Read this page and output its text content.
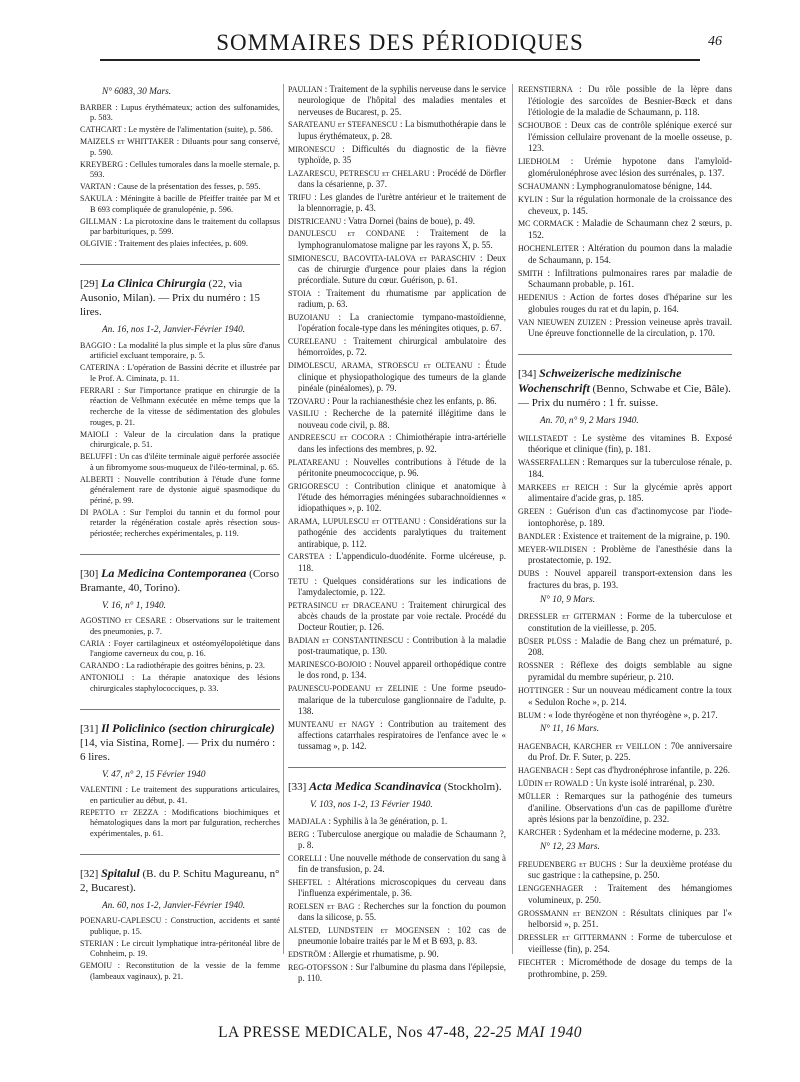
SOMMAIRES DES PÉRIODIQUES	46
N° 6083, 30 Mars.
BARBER : Lupus érythémateux; action des sulfonamides, p. 583.
CATHCART : Le mystère de l'alimentation (suite), p. 586.
MAIZELS et WHITTAKER : Diluants pour sang conservé, p. 590.
KREYBERG : Cellules tumorales dans la moelle sternale, p. 593.
VARTAN : Cause de la présentation des fesses, p. 595.
SAKULA : Méningite à bacille de Pfeiffer traitée par M et B 693 compliquée de granulopénie, p. 596.
GILLMAN : La picrotoxine dans le traitement du collapsus par barbituriques, p. 599.
OLGIVIE : Traitement des plaies infectées, p. 609.
[29] La Clinica Chirurgia (22, via Ausonio, Milan). — Prix du numéro : 15 lires.
An. 16, nos 1-2, Janvier-Février 1940.
BAGGIO : La modalité la plus simple et la plus sûre d'anus artificiel excluant temporaire, p. 5.
CATERINA : L'opération de Bassini décrite et illustrée par le Prof. A. Ciminata, p. 11.
FERRARI : Sur l'importance pratique en chirurgie de la réaction de Velhmann exécutée en même temps que la recherche de la vitesse de sédimentation des globules rouges, p. 21.
MAIOLI : Valeur de la circulation dans la pratique chirurgicale, p. 51.
BELUFFI : Un cas d'iléite terminale aiguë perforée associée à un fibromyome sous-muqueux de l'iléo-terminal, p. 65.
ALBERTI : Nouvelle contribution à l'étude d'une forme généralement rare de dystonie aiguë spasmodique du périné, p. 99.
DI PAOLA : Sur l'emploi du tannin et du formol pour retarder la régénération costale après résection sous-périostée; recherches expérimentales, p. 119.
[30] La Medicina Contemporanea (Corso Bramante, 40, Torino).
V. 16, n° 1, 1940.
AGOSTINO et CESARE : Observations sur le traitement des pneumonies, p. 7.
CARIA : Foyer cartilagineux et ostéomyélopoïétique dans l'angiome caverneux du cou, p. 16.
CARANDO : La radiothérapie des goitres bénins, p. 23.
ANTONIOLI : La thérapie anatoxique des lésions chirurgicales staphylococciques, p. 33.
[31] Il Policlinico (section chirurgicale) [14, via Sistina, Rome]. — Prix du numéro : 6 lires.
V. 47, n° 2, 15 Février 1940
VALENTINI : Le traitement des suppurations articulaires, en particulier au début, p. 41.
REPETTO et ZEZZA : Modifications biochimiques et hématologiques dans la mort par fulguration, recherches expérimentales, p. 61.
[32] Spitalul (B. du P. Schitu Magureanu, n° 2, Bucarest).
An. 60, nos 1-2, Janvier-Février 1940.
POENARU-CAPLESCU : Construction, accidents et santé publique, p. 15.
STERIAN : Le circuit lymphatique intra-péritonéal libre de Cohnheim, p. 19.
GEMOIU : Reconstitution de la vessie de la femme (lambeaux vaginaux), p. 21.
PAULIAN : Traitement de la syphilis nerveuse dans le service neurologique de l'hôpital des maladies mentales et nerveuses de Bucarest, p. 25.
SARATEANU et STEFANESCU : La bismuthothérapie dans le lupus érythémateux, p. 28.
MIRONESCU : Difficultés du diagnostic de la fièvre typhoïde, p. 35
LAZARESCU, PETRESCU et CHELARU : Procédé de Dörfler dans la césarienne, p. 37.
TRIFU : Les glandes de l'urètre antérieur et le traitement de la blennorragie, p. 43.
DISTRICEANU : Vatra Dornei (bains de boue), p. 49.
DANULESCU et CONDANE : Traitement de la lymphogranulomatose maligne par les rayons X, p. 55.
SIMIONESCU, BACOVITA-IALOVA et PARASCHIV : Deux cas de chirurgie d'urgence pour plaies dans la région précordiale. Suture du cœur. Guérison, p. 61.
STOIA : Traitement du rhumatisme par application de radium, p. 63.
BUZOIANU : La craniectomie tympano-mastoïdienne, l'opération focale-type dans les méningites otiques, p. 67.
CURELEANU : Traitement chirurgical ambulatoire des hémorroïdes, p. 72.
DIMOLESCU, ARAMA, STROESCU et OLTEANU : Étude clinique et physiopathologique des tumeurs de la glande pinéale (pinéalomes), p. 79.
TZOVARU : Pour la rachianesthésie chez les enfants, p. 86.
VASILIU : Recherche de la paternité illégitime dans le nouveau code civil, p. 88.
ANDREESCU et COCORA : Chimiothérapie intra-artérielle dans les infections des membres, p. 92.
PLATAREANU : Nouvelles contributions à l'étude de la péritonite pneumococcique, p. 96.
GRIGORESCU : Contribution clinique et anatomique à l'étude des hémorragies méningées subarachnoïdiennes « idiopathiques », p. 102.
ARAMA, LUPULESCU et OTTEANU : Considérations sur la pathogénie des accidents paralytiques du traitement antirabique, p. 112.
CARSTEA : L'appendiculo-duodénite. Forme ulcéreuse, p. 118.
TETU : Quelques considérations sur les indications de l'amydalectomie, p. 122.
PETRASINCU et DRACEANU : Traitement chirurgical des abcès chauds de la prostate par voie rectale. Procédé du Docteur Routier, p. 126.
BADIAN et CONSTANTINESCU : Contribution à la maladie post-traumatique, p. 130.
MARINESCO-BOJOIO : Nouvel appareil orthopédique contre le dos rond, p. 134.
PAUNESCU-PODEANU et ZELINIE : Une forme pseudo-malarique de la tuberculose ganglionnaire de l'adulte, p. 138.
MUNTEANU et NAGY : Contribution au traitement des affections catarrhales respiratoires de l'enfance avec le « tussamag », p. 142.
[33] Acta Medica Scandinavica (Stockholm).
V. 103, nos 1-2, 13 Février 1940.
MADJALA : Syphilis à la 3e génération, p. 1.
BERG : Tuberculose anergique ou maladie de Schaumann ?, p. 8.
CORELLI : Une nouvelle méthode de conservation du sang à fin de transfusion, p. 24.
SHEFTEL : Altérations microscopiques du cerveau dans l'influenza expérimentale, p. 36.
ROELSEN et BAG : Recherches sur la fonction du poumon dans la silicose, p. 55.
ALSTED, LUNDSTEIN et MOGENSEN : 102 cas de pneumonie lobaire traités par le M et B 693, p. 83.
EDSTRÖM : Allergie et rhumatisme, p. 90.
REG-OTOFSSON : Sur l'albumine du plasma dans l'épilepsie, p. 110.
REENSTIERNA : Du rôle possible de la lèpre dans l'étiologie des sarcoïdes de Besnier-Bœck et dans l'étiologie de la maladie de Schaumann, p. 118.
SCHOUBOE : Deux cas de contrôle splénique exercé sur l'émission cellulaire provenant de la moelle osseuse, p. 123.
LIEDHOLM : Urémie hypotone dans l'amyloïd-glomérulonéphrose avec lésion des surrénales, p. 137.
SCHAUMANN : Lymphogranulomatose bénigne, 144.
KYLIN : Sur la régulation hormonale de la croissance des cheveux, p. 145.
MC CORMACK : Maladie de Schaumann chez 2 sœurs, p. 152.
HOCHENLEITER : Altération du poumon dans la maladie de Schaumann, p. 154.
SMITH : Infiltrations pulmonaires rares par maladie de Schaumann probable, p. 161.
HEDENIUS : Action de fortes doses d'héparine sur les globules rouges du rat et du lapin, p. 164.
VAN NIEUWEN ZUIZEN : Pression veineuse après travail. Une épreuve fonctionnelle de la circulation, p. 170.
[34] Schweizerische medizinische Wochenschrift (Benno, Schwabe et Cie, Bâle). — Prix du numéro : 1 fr. suisse.
An. 70, n° 9, 2 Mars 1940.
WILLSTAEDT : Le système des vitamines B. Exposé théorique et clinique (fin), p. 181.
WASSERFALLEN : Remarques sur la tuberculose rénale, p. 184.
MARKEES et REICH : Sur la glycémie après apport alimentaire d'acide gras, p. 185.
GREEN : Guérison d'un cas d'actinomycose par l'iode-iontophorèse, p. 189.
BANDLER : Existence et traitement de la migraine, p. 190.
MEYER-WILDISEN : Problème de l'anesthésie dans la prostatectomie, p. 192.
DUBS : Nouvel appareil transport-extension dans les fractures du bras, p. 193.
N° 10, 9 Mars.
DRESSLER et GITERMAN : Forme de la tuberculose et constitution de la vieillesse, p. 205.
BÜSER PLÜSS : Maladie de Bang chez un prématuré, p. 208.
ROSSNER : Réflexe des doigts semblable au signe pyramidal du membre supérieur, p. 210.
HOTTINGER : Sur un nouveau médicament contre la toux « Sedulon Roche », p. 214.
BLUM : « Iode thyréogène et non thyréogène », p. 217.
N° 11, 16 Mars.
HAGENBACH, KARCHER et VEILLON : 70e anniversaire du Prof. Dr. F. Suter, p. 225.
HAGENBACH : Sept cas d'hydronéphrose infantile, p. 226.
LÜDIN et ROWALD : Un kyste isolé intrarénal, p. 230.
MÜLLER : Remarques sur la pathogénie des tumeurs d'aniline. Observations d'un cas de papillome d'urètre après lésions par la benzoïdine, p. 232.
KARCHER : Sydenham et la médecine moderne, p. 233.
N° 12, 23 Mars.
FREUDENBERG et BUCHS : Sur la deuxième protéase du suc gastrique : la cathepsine, p. 250.
LENGGENHAGER : Traitement des hémangiomes volumineux, p. 250.
GROSSMANN et BENZON : Résultats cliniques par l'« helborsid », p. 251.
DRESSLER et GITTERMANN : Forme de tuberculose et vieillesse (fin), p. 254.
FIECHTER : Microméthode de dosage du temps de la prothrombine, p. 259.
LA PRESSE MEDICALE, Nos 47-48, 22-25 MAI 1940
